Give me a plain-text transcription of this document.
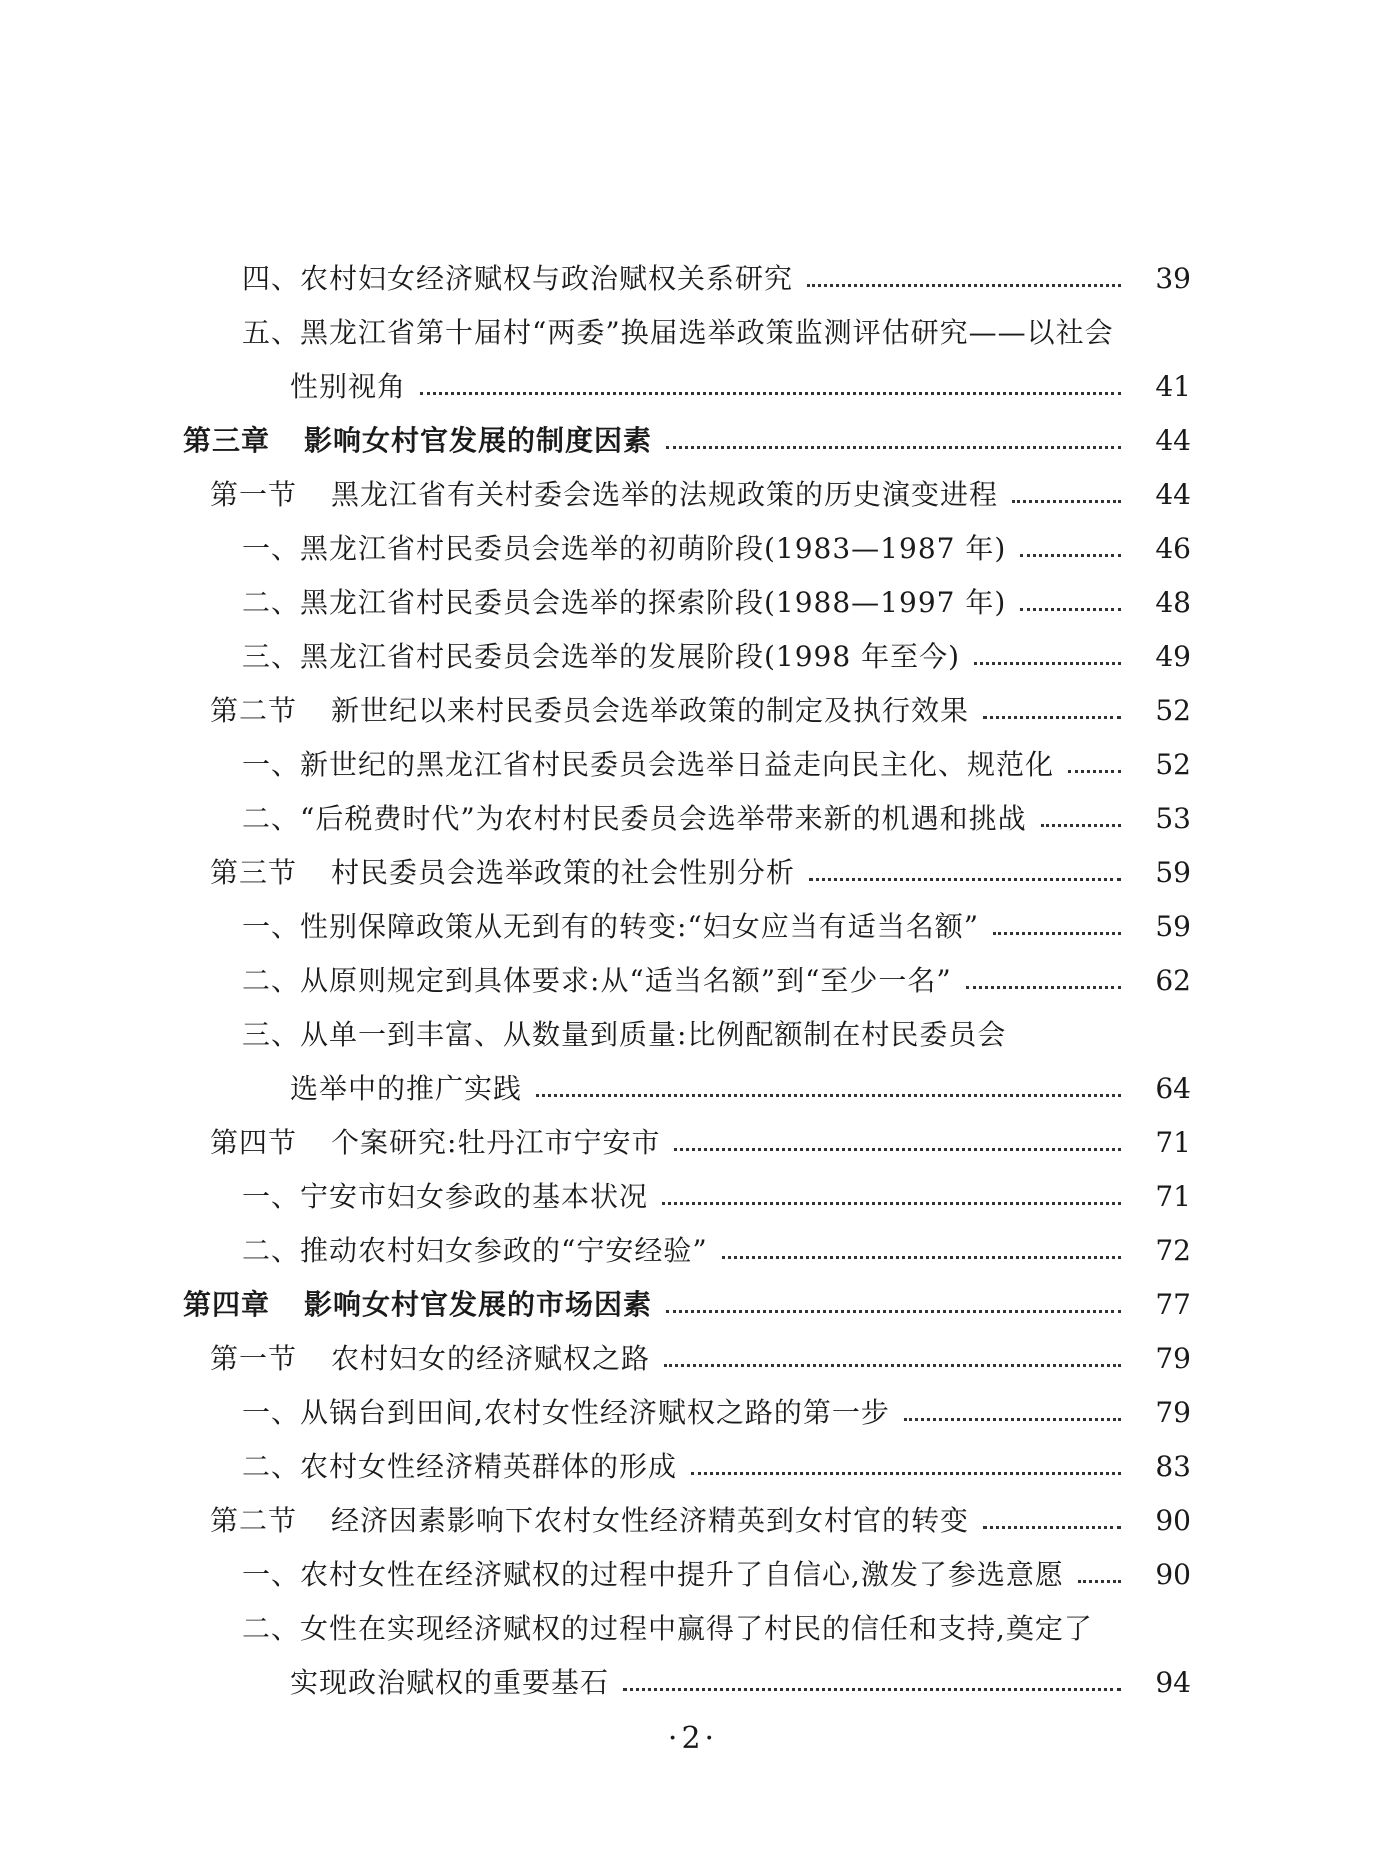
四、农村妇女经济赋权与政治赋权关系研究	39
五、黑龙江省第十届村“两委”换届选举政策监测评估研究——以社会
性别视角	41
第三章 影响女村官发展的制度因素	44
第一节 黑龙江省有关村委会选举的法规政策的历史演变进程	44
一、黑龙江省村民委员会选举的初萌阶段(1983—1987 年)	46
二、黑龙江省村民委员会选举的探索阶段(1988—1997 年)	48
三、黑龙江省村民委员会选举的发展阶段(1998 年至今)	49
第二节 新世纪以来村民委员会选举政策的制定及执行效果	52
一、新世纪的黑龙江省村民委员会选举日益走向民主化、规范化	52
二、“后税费时代”为农村村民委员会选举带来新的机遇和挑战	53
第三节 村民委员会选举政策的社会性别分析	59
一、性别保障政策从无到有的转变:“妇女应当有适当名额”	59
二、从原则规定到具体要求:从“适当名额”到“至少一名”	62
三、从单一到丰富、从数量到质量:比例配额制在村民委员会
选举中的推广实践	64
第四节 个案研究:牡丹江市宁安市	71
一、宁安市妇女参政的基本状况	71
二、推动农村妇女参政的“宁安经验”	72
第四章 影响女村官发展的市场因素	77
第一节 农村妇女的经济赋权之路	79
一、从锅台到田间,农村女性经济赋权之路的第一步	79
二、农村女性经济精英群体的形成	83
第二节 经济因素影响下农村女性经济精英到女村官的转变	90
一、农村女性在经济赋权的过程中提升了自信心,激发了参选意愿	90
二、女性在实现经济赋权的过程中赢得了村民的信任和支持,奠定了
实现政治赋权的重要基石	94
·2·
